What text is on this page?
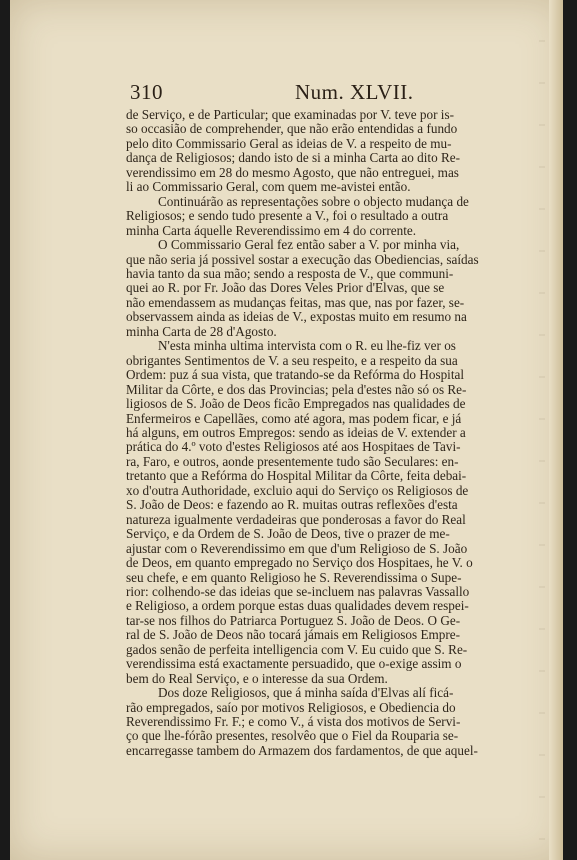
310	Num. XLVII.
de Serviço, e de Particular; que examinadas por V. teve por is-
so occasião de comprehender, que não erão entendidas a fundo
pelo dito Commissario Geral as ideias de V. a respeito de mu-
dança de Religiosos; dando isto de si a minha Carta ao dito Re-
verendissimo em 28 do mesmo Agosto, que não entreguei, mas
li ao Commissario Geral, com quem me-avistei então.
Continuárão as representações sobre o objecto mudança de
Religiosos; e sendo tudo presente a V., foi o resultado a outra
minha Carta áquelle Reverendissimo em 4 do corrente.
O Commissario Geral fez então saber a V. por minha via,
que não seria já possivel sostar a execução das Obediencias, saídas
havia tanto da sua mão; sendo a resposta de V., que communi-
quei ao R. por Fr. João das Dores Veles Prior d'Elvas, que se
não emendassem as mudanças feitas, mas que, nas por fazer, se-
observassem ainda as ideias de V., expostas muito em resumo na
minha Carta de 28 d'Agosto.
N'esta minha ultima intervista com o R. eu lhe-fiz ver os
obrigantes Sentimentos de V. a seu respeito, e a respeito da sua
Ordem: puz á sua vista, que tratando-se da Refórma do Hospital
Militar da Côrte, e dos das Provincias; pela d'estes não só os Re-
ligiosos de S. João de Deos ficão Empregados nas qualidades de
Enfermeiros e Capellães, como até agora, mas podem ficar, e já
há alguns, em outros Empregos: sendo as ideias de V. extender a
prática do 4.º voto d'estes Religiosos até aos Hospitaes de Tavi-
ra, Faro, e outros, aonde presentemente tudo são Seculares: en-
tretanto que a Refórma do Hospital Militar da Côrte, feita debai-
xo d'outra Authoridade, excluio aqui do Serviço os Religiosos de
S. João de Deos: e fazendo ao R. muitas outras reflexões d'esta
natureza igualmente verdadeiras que ponderosas a favor do Real
Serviço, e da Ordem de S. João de Deos, tive o prazer de me-
ajustar com o Reverendissimo em que d'um Religioso de S. João
de Deos, em quanto empregado no Serviço dos Hospitaes, he V. o
seu chefe, e em quanto Religioso he S. Reverendissima o Supe-
rior: colhendo-se das ideias que se-incluem nas palavras Vassallo
e Religioso, a ordem porque estas duas qualidades devem respei-
tar-se nos filhos do Patriarca Portuguez S. João de Deos. O Ge-
ral de S. João de Deos não tocará jámais em Religiosos Empre-
gados senão de perfeita intelligencia com V. Eu cuido que S. Re-
verendissima está exactamente persuadido, que o-exige assim o
bem do Real Serviço, e o interesse da sua Ordem.
Dos doze Religiosos, que á minha saída d'Elvas alí ficá-
rão empregados, saío por motivos Religiosos, e Obediencia do
Reverendissimo Fr. F.; e como V., á vista dos motivos de Servi-
ço que lhe-fórão presentes, resolvêo que o Fiel da Rouparia se-
encarregasse tambem do Armazem dos fardamentos, de que aquel-
